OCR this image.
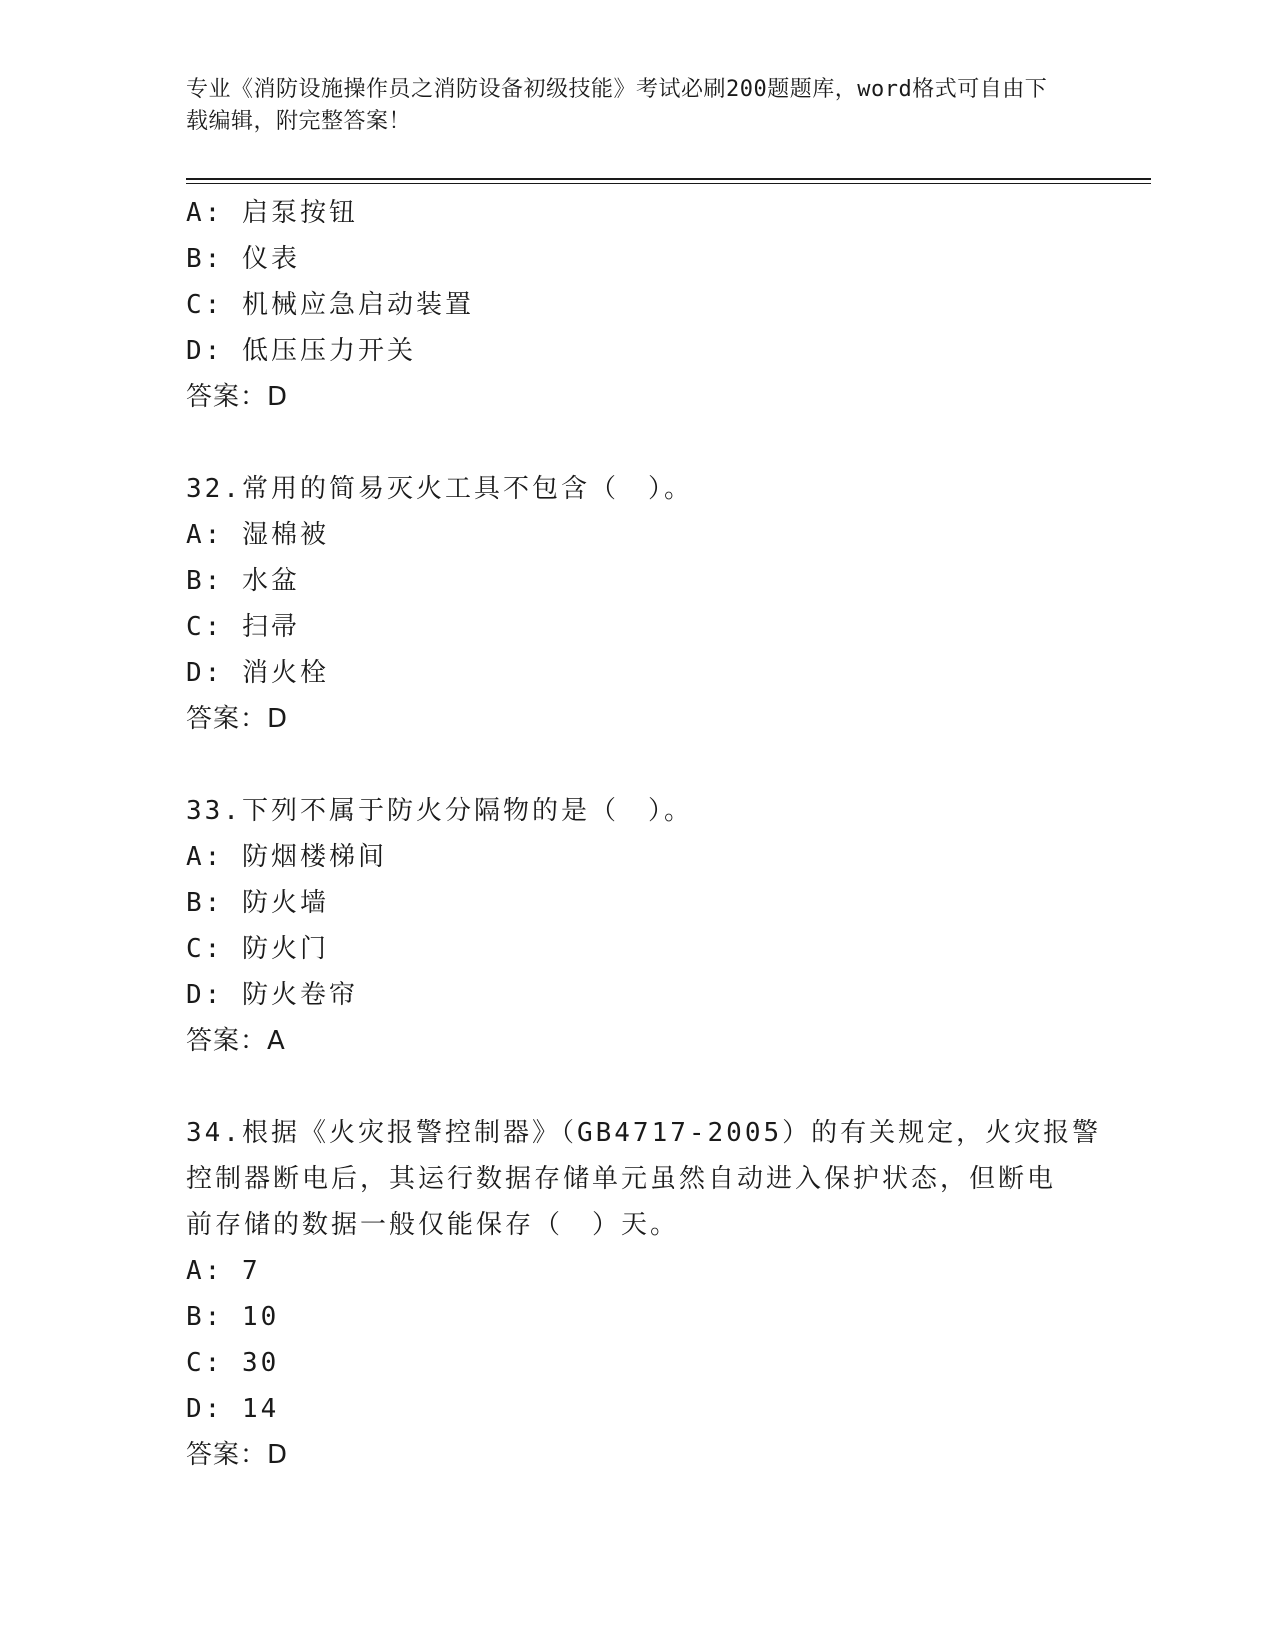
专业《消防设施操作员之消防设备初级技能》考试必刷200题题库，word格式可自由下载编辑，附完整答案！
A: 启泵按钮
B: 仪表
C: 机械应急启动装置
D: 低压压力开关
答案：D
32.常用的简易灭火工具不包含（　）。
A: 湿棉被
B: 水盆
C: 扫帚
D: 消火栓
答案：D
33.下列不属于防火分隔物的是（　）。
A: 防烟楼梯间
B: 防火墙
C: 防火门
D: 防火卷帘
答案：A
34.根据《火灾报警控制器》（GB4717-2005）的有关规定，火灾报警
控制器断电后，其运行数据存储单元虽然自动进入保护状态，但断电
前存储的数据一般仅能保存（　）天。
A: 7
B: 10
C: 30
D: 14
答案：D
